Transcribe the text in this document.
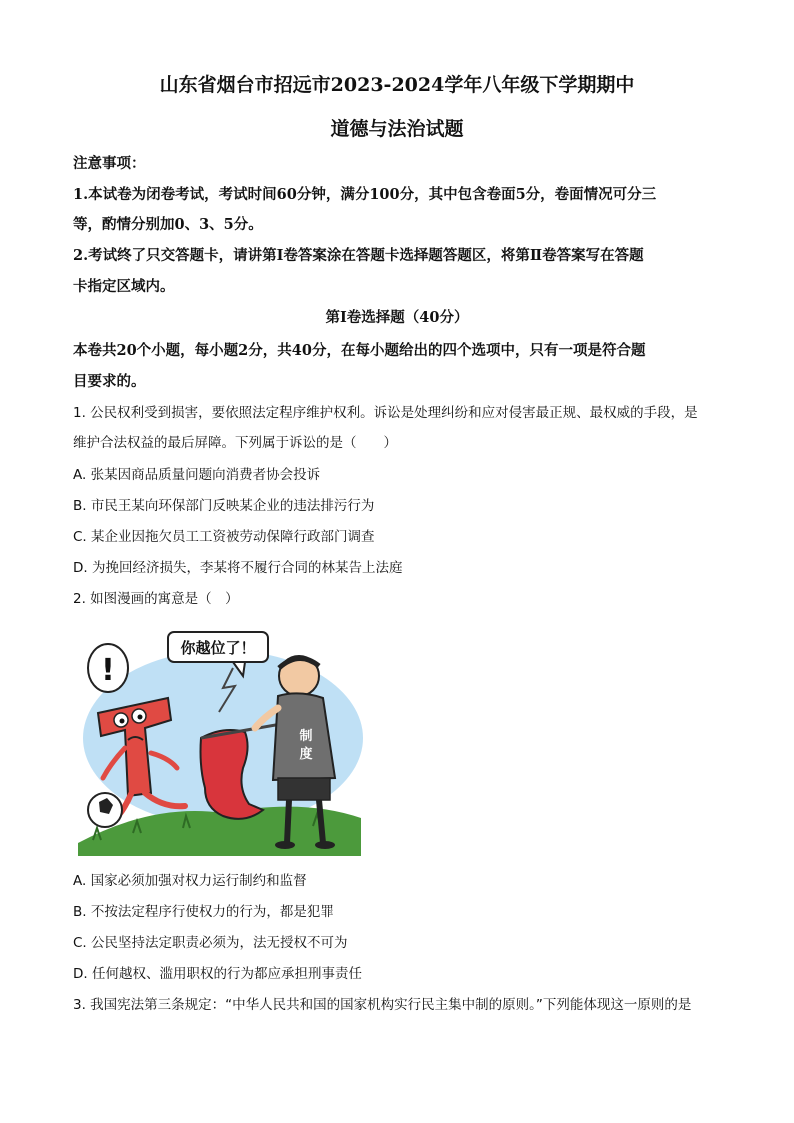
山东省烟台市招远市2023-2024学年八年级下学期期中
道德与法治试题
注意事项：
1.本试卷为闭卷考试，考试时间60分钟，满分100分，其中包含卷面5分，卷面情况可分三
等，酌情分别加0、3、5分。
2.考试终了只交答题卡，请讲第Ⅰ卷答案涂在答题卡选择题答题区，将第Ⅱ卷答案写在答题
卡指定区域内。
第Ⅰ卷选择题（40分）
本卷共20个小题，每小题2分，共40分，在每小题给出的四个选项中，只有一项是符合题
目要求的。
1. 公民权利受到损害，要依照法定程序维护权利。诉讼是处理纠纷和应对侵害最正规、最权威的手段，是
维护合法权益的最后屏障。下列属于诉讼的是（　　）
A. 张某因商品质量问题向消费者协会投诉
B. 市民王某向环保部门反映某企业的违法排污行为
C. 某企业因拖欠员工工资被劳动保障行政部门调查
D. 为挽回经济损失，李某将不履行合同的林某告上法庭
2. 如图漫画的寓意是（　）
你越位了！
!
制
度
A. 国家必须加强对权力运行制约和监督
B. 不按法定程序行使权力的行为，都是犯罪
C. 公民坚持法定职责必须为，法无授权不可为
D. 任何越权、滥用职权的行为都应承担刑事责任
3. 我国宪法第三条规定：“中华人民共和国的国家机构实行民主集中制的原则。”下列能体现这一原则的是
